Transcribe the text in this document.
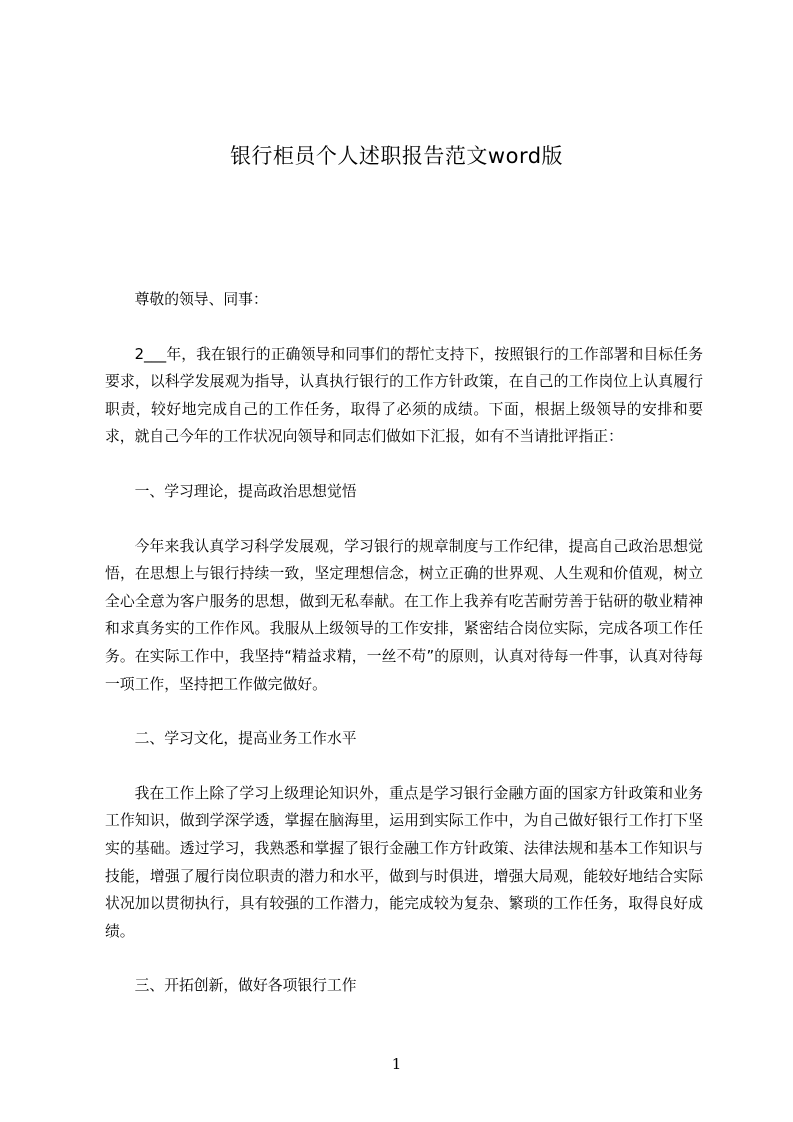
银行柜员个人述职报告范文word版

尊敬的领导、同事：

2___年，我在银行的正确领导和同事们的帮忙支持下，按照银行的工作部署和目标任务要求，以科学发展观为指导，认真执行银行的工作方针政策，在自己的工作岗位上认真履行职责，较好地完成自己的工作任务，取得了必须的成绩。下面，根据上级领导的安排和要求，就自己今年的工作状况向领导和同志们做如下汇报，如有不当请批评指正：

一、学习理论，提高政治思想觉悟

今年来我认真学习科学发展观，学习银行的规章制度与工作纪律，提高自己政治思想觉悟，在思想上与银行持续一致，坚定理想信念，树立正确的世界观、人生观和价值观，树立全心全意为客户服务的思想，做到无私奉献。在工作上我养有吃苦耐劳善于钻研的敬业精神和求真务实的工作作风。我服从上级领导的工作安排，紧密结合岗位实际，完成各项工作任务。在实际工作中，我坚持“精益求精，一丝不苟”的原则，认真对待每一件事，认真对待每一项工作，坚持把工作做完做好。

二、学习文化，提高业务工作水平

我在工作上除了学习上级理论知识外，重点是学习银行金融方面的国家方针政策和业务工作知识，做到学深学透，掌握在脑海里，运用到实际工作中，为自己做好银行工作打下坚实的基础。透过学习，我熟悉和掌握了银行金融工作方针政策、法律法规和基本工作知识与技能，增强了履行岗位职责的潜力和水平，做到与时俱进，增强大局观，能较好地结合实际状况加以贯彻执行，具有较强的工作潜力，能完成较为复杂、繁琐的工作任务，取得良好成绩。

三、开拓创新，做好各项银行工作

1
